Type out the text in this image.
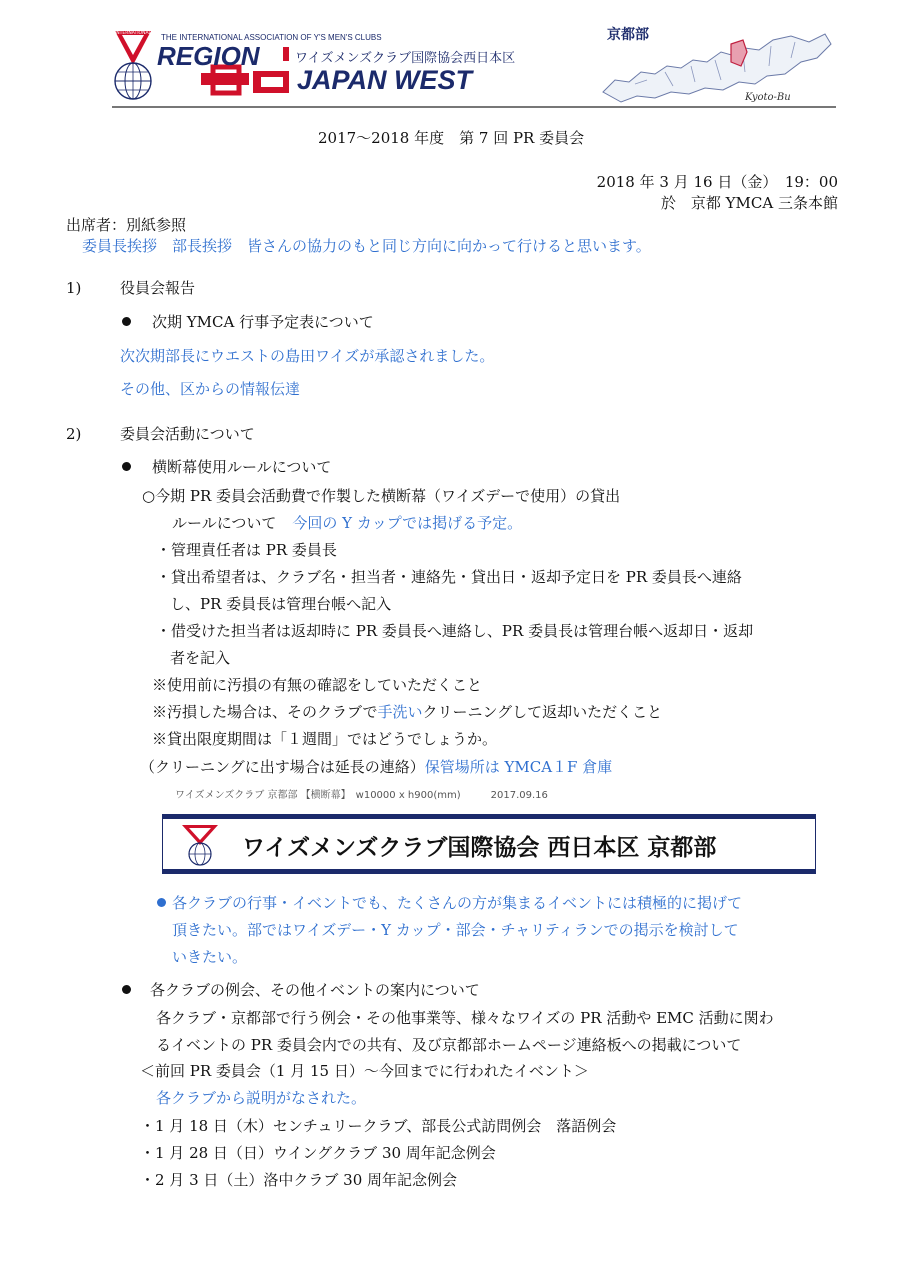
INTERNATIONAL THE INTERNATIONAL ASSOCIATION OF Y'S MEN'S CLUBS
REGION	ワイズメンズクラブ国際協会西日本区
JAPAN WEST
京都部
Kyoto-Bu
2017～2018 年度　第 7 回 PR 委員会
2018 年 3 月 16 日（金）　19：00
於　京都 YMCA 三条本館
出席者：別紙参照
委員長挨拶　部長挨拶　皆さんの協力のもと同じ方向に向かって行けると思います。
1)	役員会報告
次期 YMCA 行事予定表について
次次期部長にウエストの島田ワイズが承認されました。
その他、区からの情報伝達
2)	委員会活動について
横断幕使用ルールについて
○今期 PR 委員会活動費で作製した横断幕（ワイズデーで使用）の貸出
ルールについて 今回の Y カップでは掲げる予定。
・管理責任者は PR 委員長
・貸出希望者は、クラブ名・担当者・連絡先・貸出日・返却予定日を PR 委員長へ連絡
し、PR 委員長は管理台帳へ記入
・借受けた担当者は返却時に PR 委員長へ連絡し、PR 委員長は管理台帳へ返却日・返却
者を記入
※使用前に汚損の有無の確認をしていただくこと
※汚損した場合は、そのクラブで手洗いクリーニングして返却いただくこと
※貸出限度期間は「１週間」ではどうでしょうか。
（クリーニングに出す場合は延長の連絡）保管場所は YMCA１F 倉庫
ワイズメンズクラブ 京都部 【横断幕】　w10000 x h900(mm)　　　2017.09.16
ワイズメンズクラブ国際協会 西日本区 京都部
各クラブの行事・イベントでも、たくさんの方が集まるイベントには積極的に掲げて
頂きたい。部ではワイズデー・Y カップ・部会・チャリティランでの掲示を検討して
いきたい。
各クラブの例会、その他イベントの案内について
各クラブ・京都部で行う例会・その他事業等、様々なワイズの PR 活動や EMC 活動に関わ
るイベントの PR 委員会内での共有、及び京都部ホームページ連絡板への掲載について
＜前回 PR 委員会（1 月 15 日）～今回までに行われたイベント＞
各クラブから説明がなされた。
・1 月 18 日（木）センチュリークラブ、部長公式訪問例会　落語例会
・1 月 28 日（日）ウイングクラブ 30 周年記念例会
・2 月 3 日（土）洛中クラブ 30 周年記念例会
